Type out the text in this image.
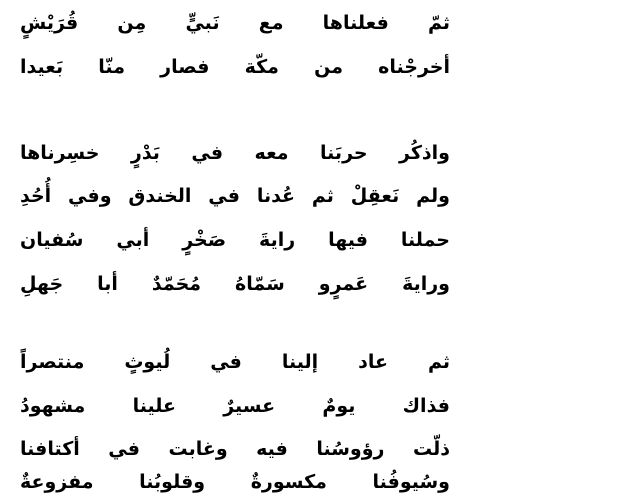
ثمّ فعلناها مع نَبيٍّ مِن قُرَيْشٍ
أخرجْناه من مكّة فصار منّا بَعيدا
واذكُر حربَنا معه في بَدْرٍ خسِرناها
ولم نَعقِلْ ثم عُدنا في الخندق وفي أُحُدِ
حملنا فيها رايةَ صَخْرٍ أبي سُفيان
ورايةَ عَمرٍو سَمّاهُ مُحَمّدٌ أبا جَهلِ
ثم عاد إلينا في لُيوثٍ منتصراً
فذاك يومٌ عسيرٌ علينا مشهودُ
ذلّت رؤوسُنا فيه وغابت في أكتافنا
وسُيوفُنا مكسورةٌ وقلوبُنا مفزوعةٌ
